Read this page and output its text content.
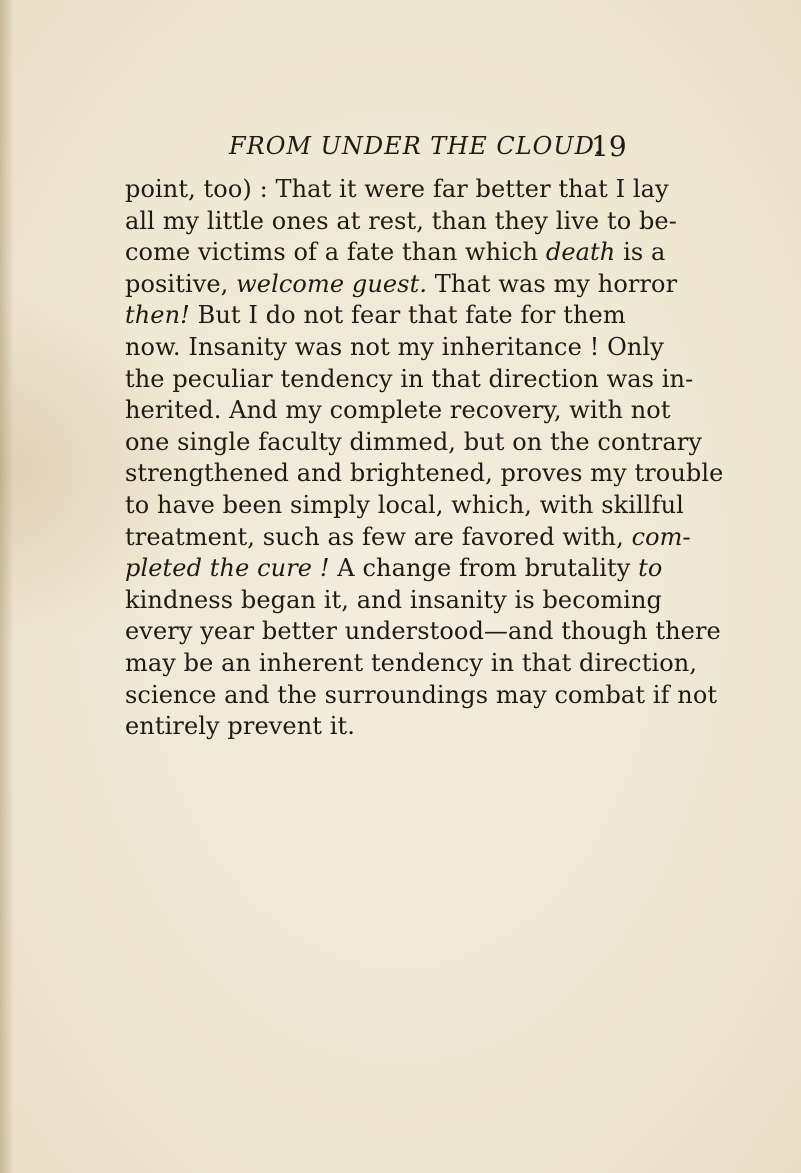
FROM UNDER THE CLOUD.
19
point, too) : That it were far better that I lay
all my little ones at rest, than they live to be-
come victims of a fate than which death is a
positive, welcome guest. That was my horror
then! But I do not fear that fate for them
now. Insanity was not my inheritance ! Only
the peculiar tendency in that direction was in-
herited. And my complete recovery, with not
one single faculty dimmed, but on the contrary
strengthened and brightened, proves my trouble
to have been simply local, which, with skillful
treatment, such as few are favored with, com-
pleted the cure ! A change from brutality to
kindness began it, and insanity is becoming
every year better understood—and though there
may be an inherent tendency in that direction,
science and the surroundings may combat if not
entirely prevent it.
